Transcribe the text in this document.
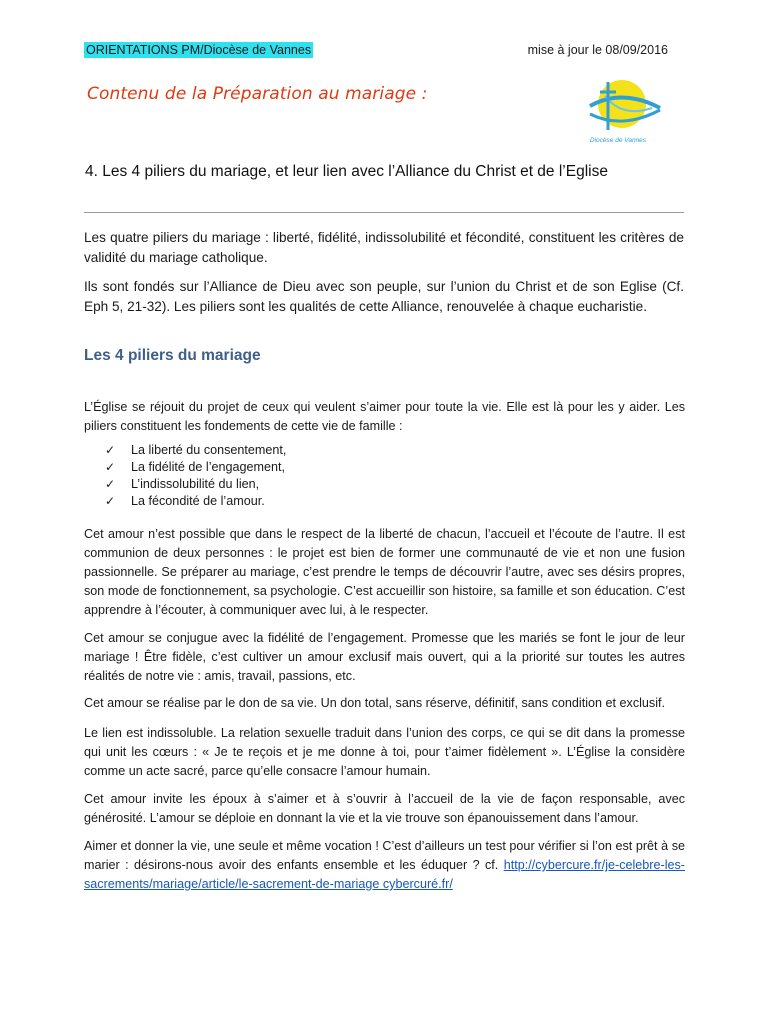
ORIENTATIONS PM/Diocèse de Vannes	mise à jour le 08/09/2016
Contenu de la Préparation au mariage :
Diocèse de Vannes
4. Les 4 piliers du mariage, et leur lien avec l’Alliance du Christ et de l’Eglise

Les quatre piliers du mariage : liberté, fidélité, indissolubilité et fécondité, constituent les critères de validité du mariage catholique.

Ils sont fondés sur l’Alliance de Dieu avec son peuple, sur l’union du Christ et de son Eglise (Cf. Eph 5, 21-32). Les piliers sont les qualités de cette Alliance, renouvelée à chaque eucharistie.

Les 4 piliers du mariage

L’Église se réjouit du projet de ceux qui veulent s’aimer pour toute la vie. Elle est là pour les y aider. Les piliers constituent les fondements de cette vie de famille :

✓	La liberté du consentement,
✓	La fidélité de l’engagement,
✓	L’indissolubilité du lien,
✓	La fécondité de l’amour.

Cet amour n’est possible que dans le respect de la liberté de chacun, l’accueil et l’écoute de l’autre. Il est communion de deux personnes : le projet est bien de former une communauté de vie et non une fusion passionnelle. Se préparer au mariage, c’est prendre le temps de découvrir l’autre, avec ses désirs propres, son mode de fonctionnement, sa psychologie. C’est accueillir son histoire, sa famille et son éducation. C’est apprendre à l’écouter, à communiquer avec lui, à le respecter.

Cet amour se conjugue avec la fidélité de l’engagement. Promesse que les mariés se font le jour de leur mariage ! Être fidèle, c’est cultiver un amour exclusif mais ouvert, qui a la priorité sur toutes les autres réalités de notre vie : amis, travail, passions, etc.

Cet amour se réalise par le don de sa vie. Un don total, sans réserve, définitif, sans condition et exclusif.

Le lien est indissoluble. La relation sexuelle traduit dans l’union des corps, ce qui se dit dans la promesse qui unit les cœurs : « Je te reçois et je me donne à toi, pour t’aimer fidèlement ». L’Église la considère comme un acte sacré, parce qu’elle consacre l’amour humain.

Cet amour invite les époux à s’aimer et à s’ouvrir à l’accueil de la vie de façon responsable, avec générosité. L’amour se déploie en donnant la vie et la vie trouve son épanouissement dans l’amour.

Aimer et donner la vie, une seule et même vocation ! C’est d’ailleurs un test pour vérifier si l’on est prêt à se marier : désirons-nous avoir des enfants ensemble et les éduquer ? cf. http://cybercure.fr/je-celebre-les-sacrements/mariage/article/le-sacrement-de-mariage cybercuré.fr/
